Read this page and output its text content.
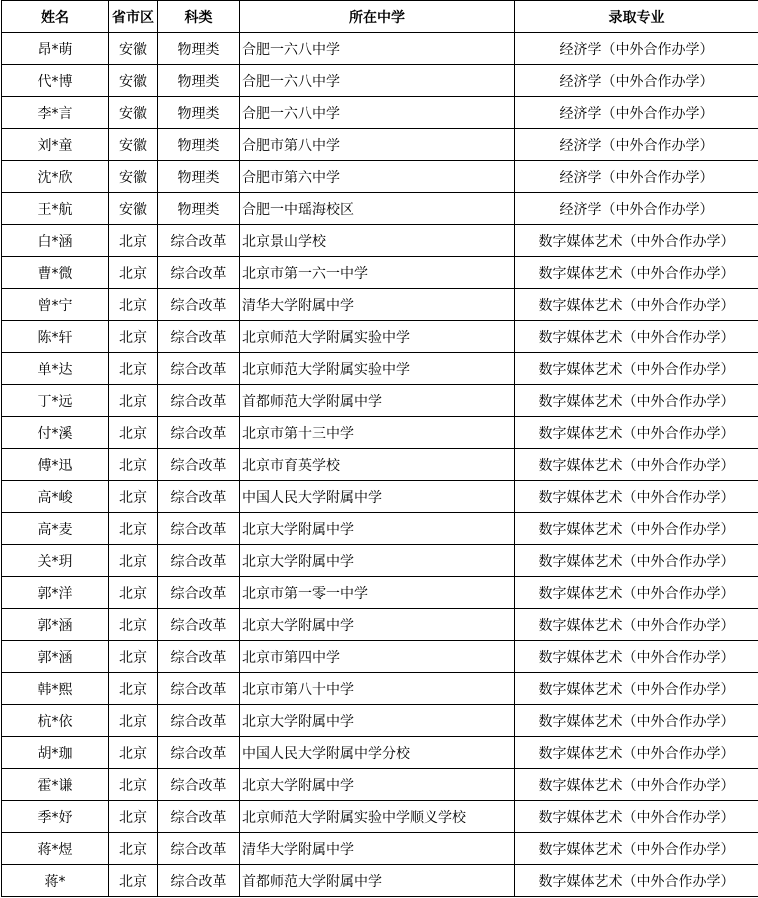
姓名	省市区	科类	所在中学	录取专业
昂*萌	安徽	物理类	合肥一六八中学	经济学（中外合作办学）
代*博	安徽	物理类	合肥一六八中学	经济学（中外合作办学）
李*言	安徽	物理类	合肥一六八中学	经济学（中外合作办学）
刘*童	安徽	物理类	合肥市第八中学	经济学（中外合作办学）
沈*欣	安徽	物理类	合肥市第六中学	经济学（中外合作办学）
王*航	安徽	物理类	合肥一中瑶海校区	经济学（中外合作办学）
白*涵	北京	综合改革	北京景山学校	数字媒体艺术（中外合作办学）
曹*微	北京	综合改革	北京市第一六一中学	数字媒体艺术（中外合作办学）
曾*宁	北京	综合改革	清华大学附属中学	数字媒体艺术（中外合作办学）
陈*轩	北京	综合改革	北京师范大学附属实验中学	数字媒体艺术（中外合作办学）
单*达	北京	综合改革	北京师范大学附属实验中学	数字媒体艺术（中外合作办学）
丁*远	北京	综合改革	首都师范大学附属中学	数字媒体艺术（中外合作办学）
付*溪	北京	综合改革	北京市第十三中学	数字媒体艺术（中外合作办学）
傅*迅	北京	综合改革	北京市育英学校	数字媒体艺术（中外合作办学）
高*峻	北京	综合改革	中国人民大学附属中学	数字媒体艺术（中外合作办学）
高*麦	北京	综合改革	北京大学附属中学	数字媒体艺术（中外合作办学）
关*玥	北京	综合改革	北京大学附属中学	数字媒体艺术（中外合作办学）
郭*洋	北京	综合改革	北京市第一零一中学	数字媒体艺术（中外合作办学）
郭*涵	北京	综合改革	北京大学附属中学	数字媒体艺术（中外合作办学）
郭*涵	北京	综合改革	北京市第四中学	数字媒体艺术（中外合作办学）
韩*熙	北京	综合改革	北京市第八十中学	数字媒体艺术（中外合作办学）
杭*依	北京	综合改革	北京大学附属中学	数字媒体艺术（中外合作办学）
胡*珈	北京	综合改革	中国人民大学附属中学分校	数字媒体艺术（中外合作办学）
霍*谦	北京	综合改革	北京大学附属中学	数字媒体艺术（中外合作办学）
季*妤	北京	综合改革	北京师范大学附属实验中学顺义学校	数字媒体艺术（中外合作办学）
蒋*煜	北京	综合改革	清华大学附属中学	数字媒体艺术（中外合作办学）
蒋*	北京	综合改革	首都师范大学附属中学	数字媒体艺术（中外合作办学）
